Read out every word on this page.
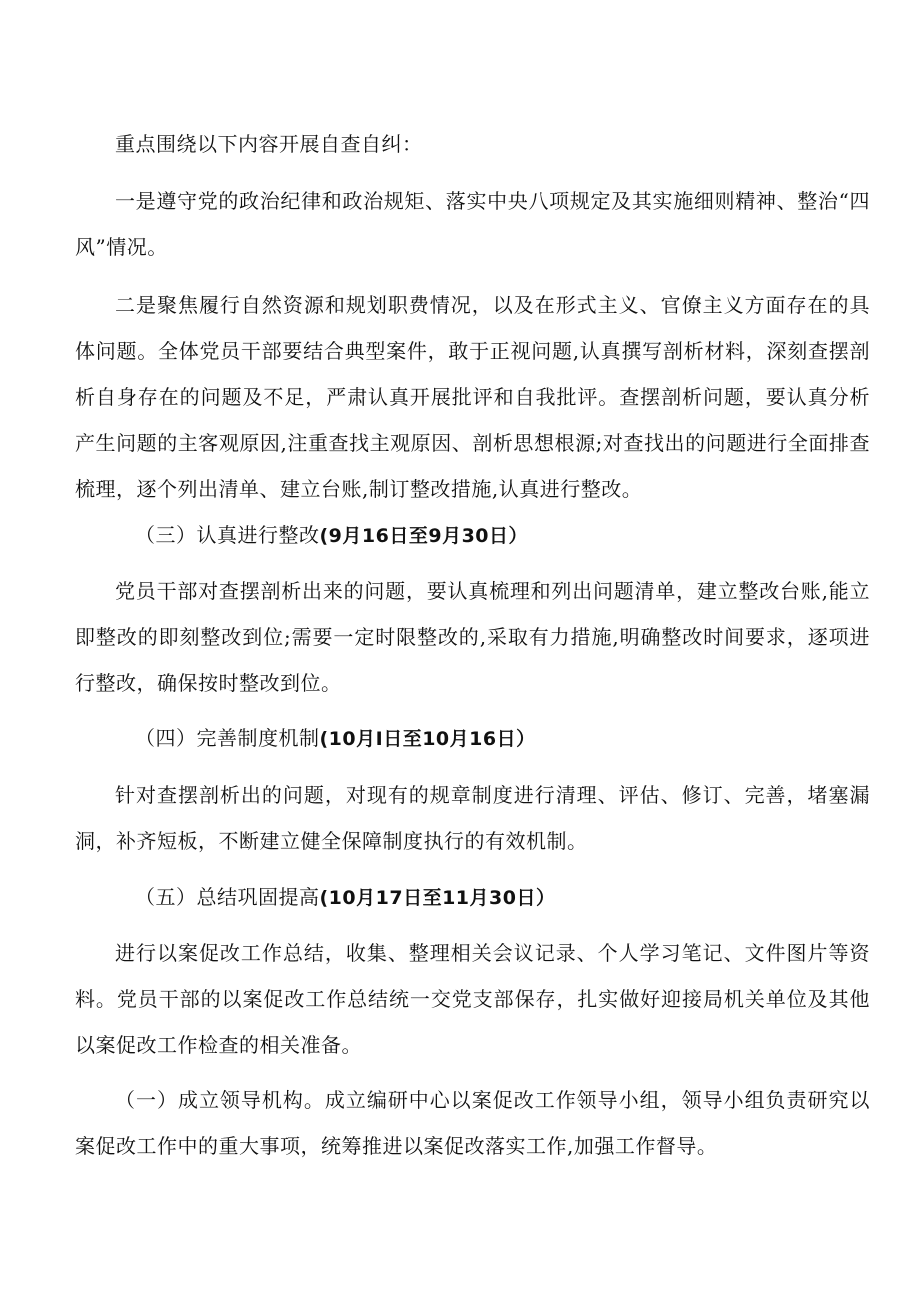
重点围绕以下内容开展自查自纠：

一是遵守党的政治纪律和政治规矩、落实中央八项规定及其实施细则精神、整治“四风”情况。

二是聚焦履行自然资源和规划职费情况，以及在形式主义、官僚主义方面存在的具体问题。全体党员干部要结合典型案件，敢于正视问题,认真撰写剖析材料，深刻查摆剖析自身存在的问题及不足，严肃认真开展批评和自我批评。查摆剖析问题，要认真分析产生问题的主客观原因,注重查找主观原因、剖析思想根源;对查找出的问题进行全面排查梳理，逐个列出清单、建立台账,制订整改措施,认真进行整改。

（三）认真进行整改(9月16日至9月30日）

党员干部对查摆剖析出来的问题，要认真梳理和列出问题清单，建立整改台账,能立即整改的即刻整改到位;需要一定时限整改的,采取有力措施,明确整改时间要求，逐项进行整改，确保按时整改到位。

（四）完善制度机制(10月I日至10月16日）

针对查摆剖析出的问题，对现有的规章制度进行清理、评估、修订、完善，堵塞漏洞，补齐短板，不断建立健全保障制度执行的有效机制。

（五）总结巩固提高(10月17日至11月30日）

进行以案促改工作总结，收集、整理相关会议记录、个人学习笔记、文件图片等资料。党员干部的以案促改工作总结统一交党支部保存，扎实做好迎接局机关单位及其他以案促改工作检查的相关准备。

（一）成立领导机构。成立编研中心以案促改工作领导小组，领导小组负责研究以案促改工作中的重大事项，统筹推进以案促改落实工作,加强工作督导。
